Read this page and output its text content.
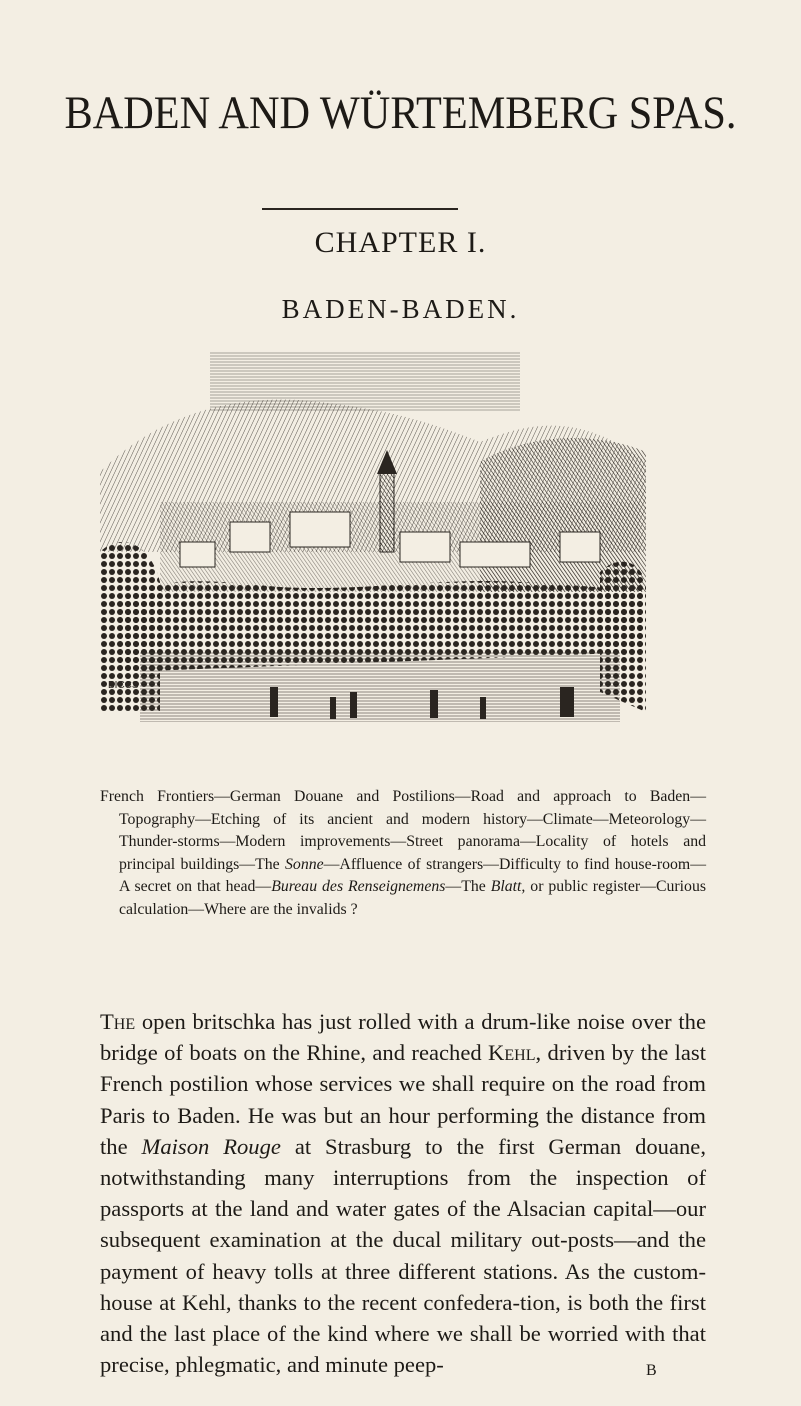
BADEN AND WÜRTEMBERG SPAS.
CHAPTER I.
BADEN-BADEN.
BICCS

French Frontiers—German Douane and Postilions—Road and approach to Baden—Topography—Etching of its ancient and modern history—Climate—Meteorology—Thunder-storms—Modern improvements—Street panorama—Locality of hotels and principal buildings—The Sonne—Affluence of strangers—Difficulty to find house-room—A secret on that head—Bureau des Renseignemens—The Blatt, or public register—Curious calculation—Where are the invalids ?

The open britschka has just rolled with a drum-like noise over the bridge of boats on the Rhine, and reached Kehl, driven by the last French postilion whose services we shall require on the road from Paris to Baden. He was but an hour performing the distance from the Maison Rouge at Strasburg to the first German douane, notwithstanding many interruptions from the inspection of passports at the land and water gates of the Alsacian capital—our subsequent examination at the ducal military out-posts—and the payment of heavy tolls at three different stations. As the custom-house at Kehl, thanks to the recent confedera-tion, is both the first and the last place of the kind where we shall be worried with that precise, phlegmatic, and minute peep-	B
